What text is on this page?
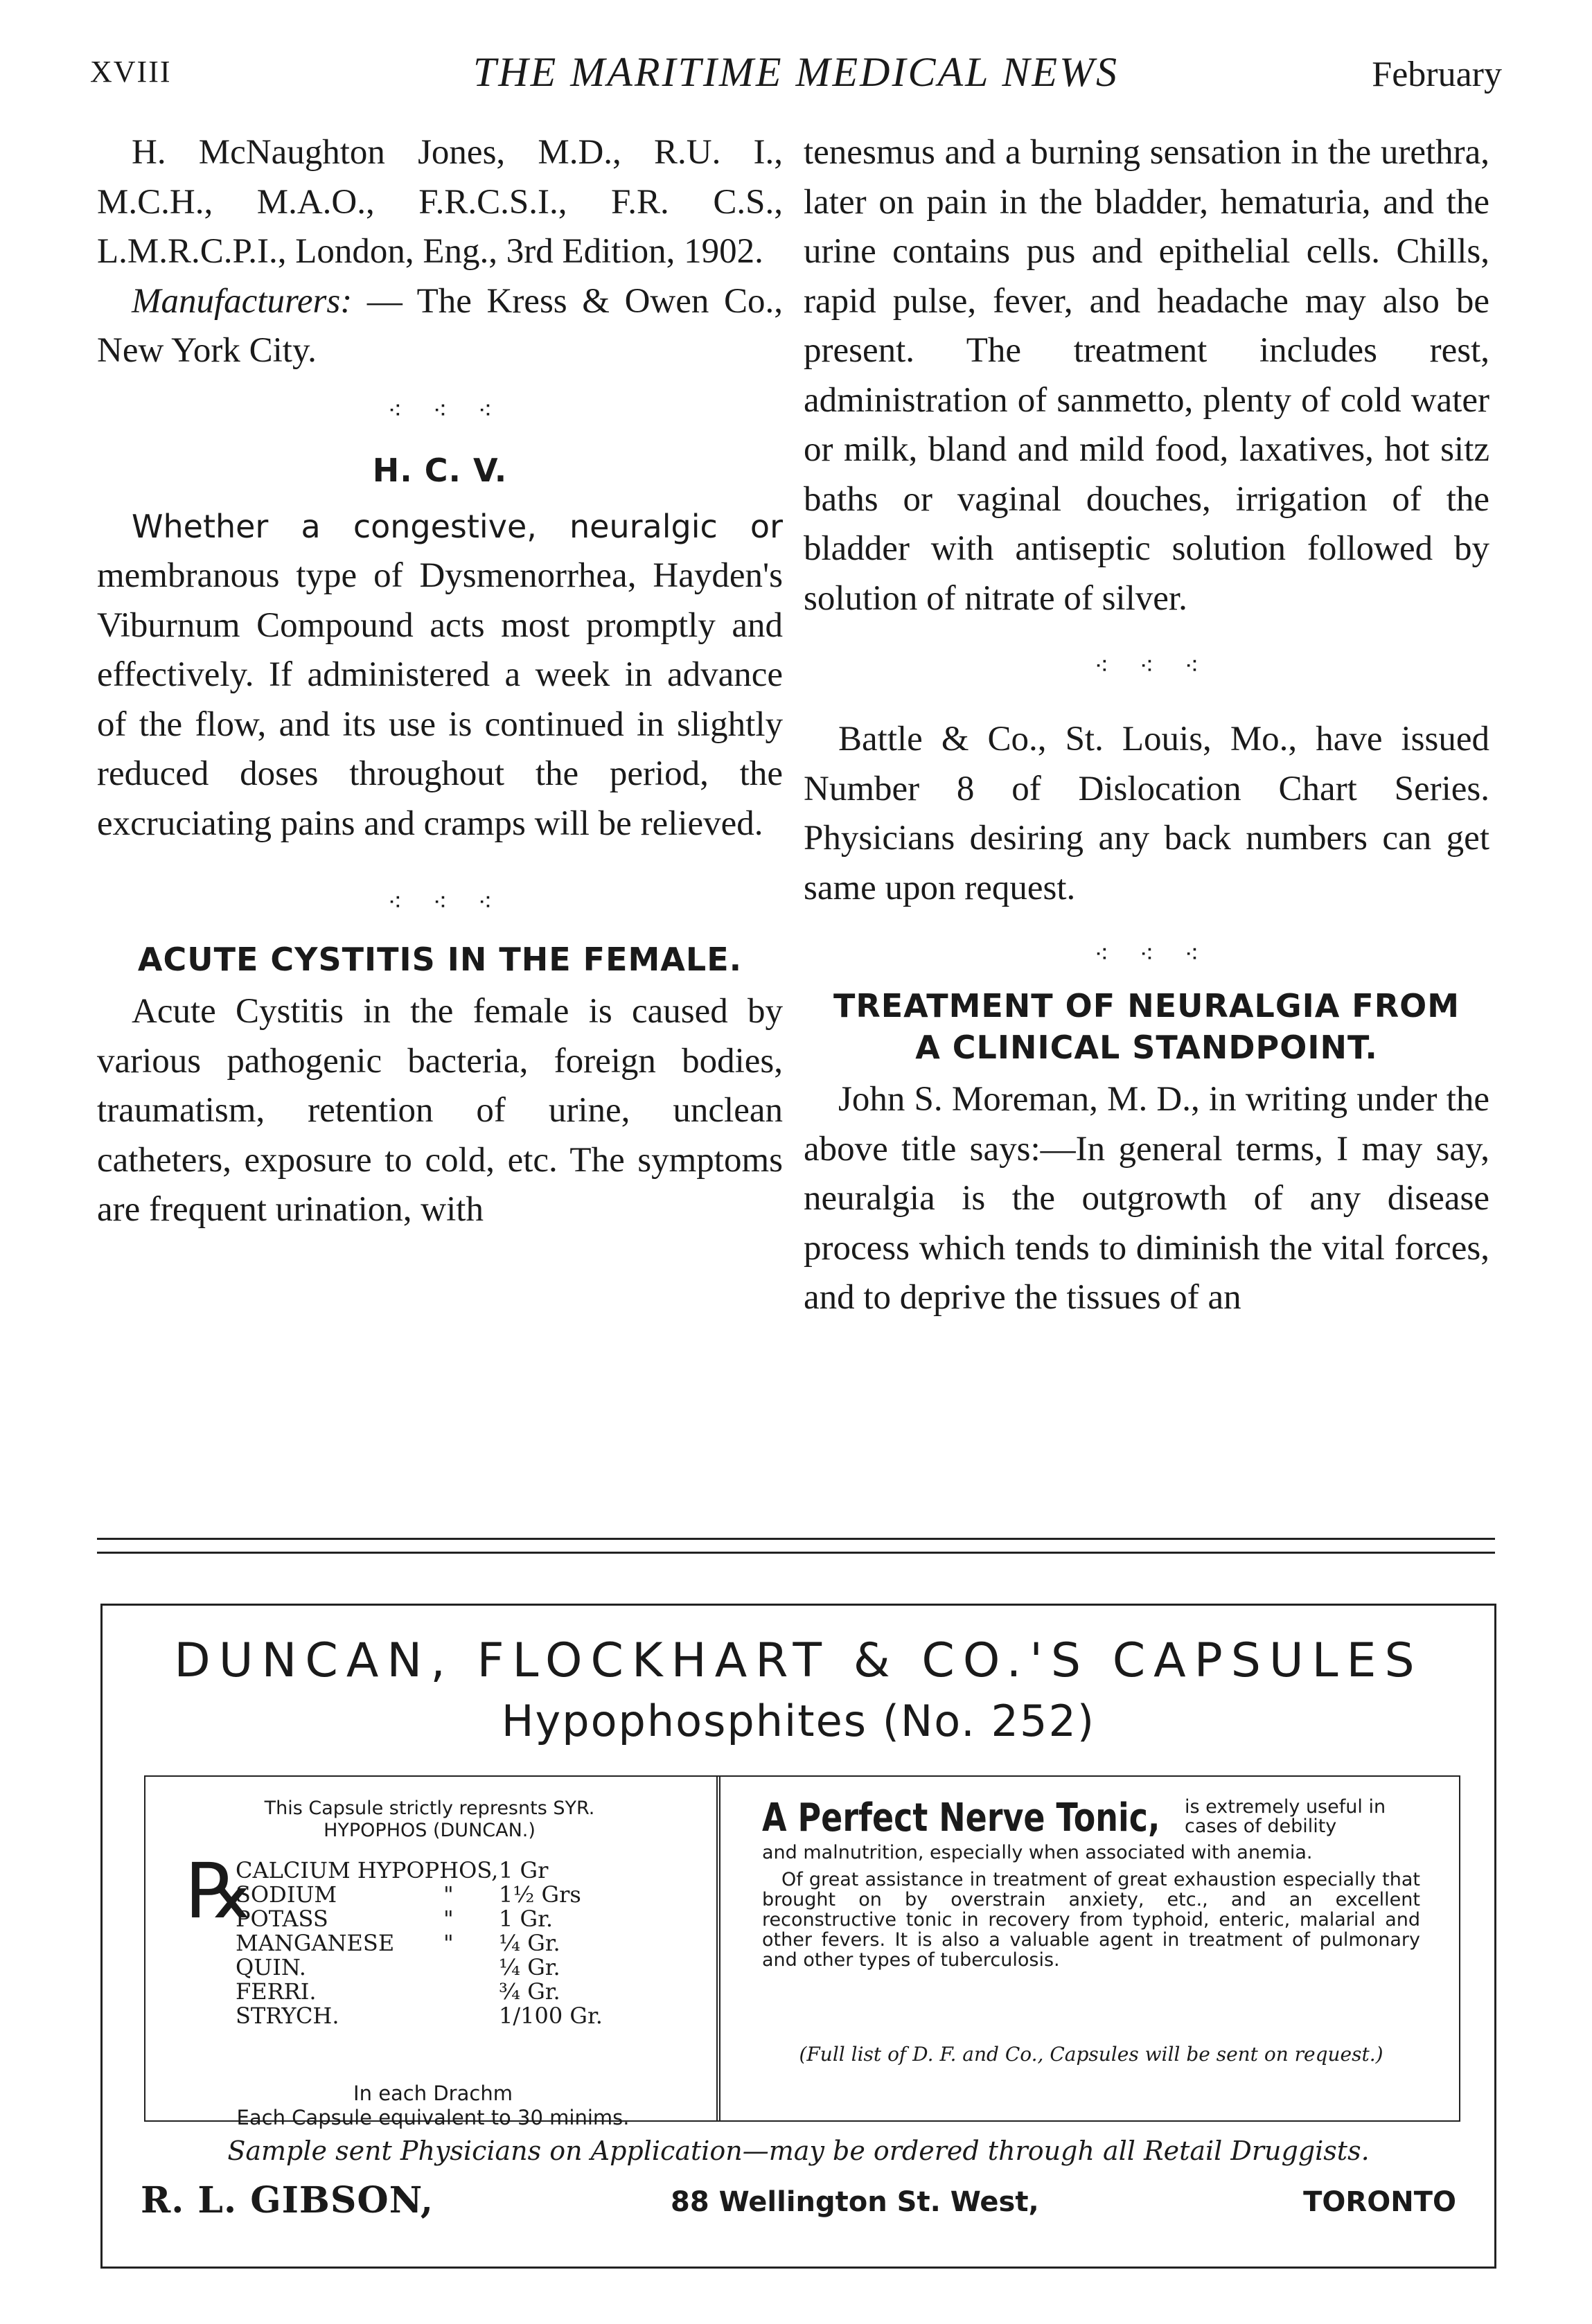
XVIII	THE MARITIME MEDICAL NEWS	February

H. McNaughton Jones, M.D., R.U. I., M.C.H., M.A.O., F.R.C.S.I., F.R. C.S., L.M.R.C.P.I., London, Eng., 3rd Edition, 1902.

Manufacturers: — The Kress & Owen Co., New York City.

⁖⁖⁖
H. C. V.

Whether a congestive, neuralgic or

membranous type of Dysmenorrhea, Hayden's Viburnum Compound acts most promptly and effectively. If administered a week in advance of the flow, and its use is continued in slightly reduced doses throughout the period, the excruciating pains and cramps will be relieved.

⁖⁖⁖
ACUTE CYSTITIS IN THE FEMALE.

Acute Cystitis in the female is caused by various pathogenic bacteria, foreign bodies, traumatism, retention of urine, unclean catheters, exposure to cold, etc. The symptoms are frequent urination, with

tenesmus and a burning sensation in the urethra, later on pain in the bladder, hematuria, and the urine contains pus and epithelial cells. Chills, rapid pulse, fever, and headache may also be present. The treatment includes rest, administration of sanmetto, plenty of cold water or milk, bland and mild food, laxatives, hot sitz baths or vaginal douches, irrigation of the bladder with antiseptic solution followed by solution of nitrate of silver.

⁖⁖⁖

Battle & Co., St. Louis, Mo., have issued Number 8 of Dislocation Chart Series. Physicians desiring any back numbers can get same upon request.

⁖⁖⁖
TREATMENT OF NEURALGIA FROM
A CLINICAL STANDPOINT.

John S. Moreman, M. D., in writing under the above title says:—In general terms, I may say, neuralgia is the outgrowth of any disease process which tends to diminish the vital forces, and to deprive the tissues of an

DUNCAN, FLOCKHART & CO.'S CAPSULES
Hypophosphites (No. 252)
This Capsule strictly represnts SYR.
HYPOPHOS (DUNCAN.)
℞
CALCIUM HYPOPHOS,1 Gr
SODIUM	" 1½ Grs
POTASS	" 1 Gr.
MANGANESE " ¼ Gr.
QUIN.	¼ Gr.
FERRI.	¾ Gr.
STRYCH.	1/100 Gr.
In each Drachm
Each Capsule equivalent to 30 minims.
A Perfect Nerve Tonic, is extremely useful in cases of debility

and malnutrition, especially when associated with anemia.

Of great assistance in treatment of great exhaustion especially that brought on by overstrain anxiety, etc., and an excellent reconstructive tonic in recovery from typhoid, enteric, malarial and other fevers. It is also a valuable agent in treatment of pulmonary and other types of tuberculosis.

(Full list of D. F. and Co., Capsules will be sent on request.)
Sample sent Physicians on Application—may be ordered through all Retail Druggists.
R. L. GIBSON,	88 Wellington St. West,	TORONTO
